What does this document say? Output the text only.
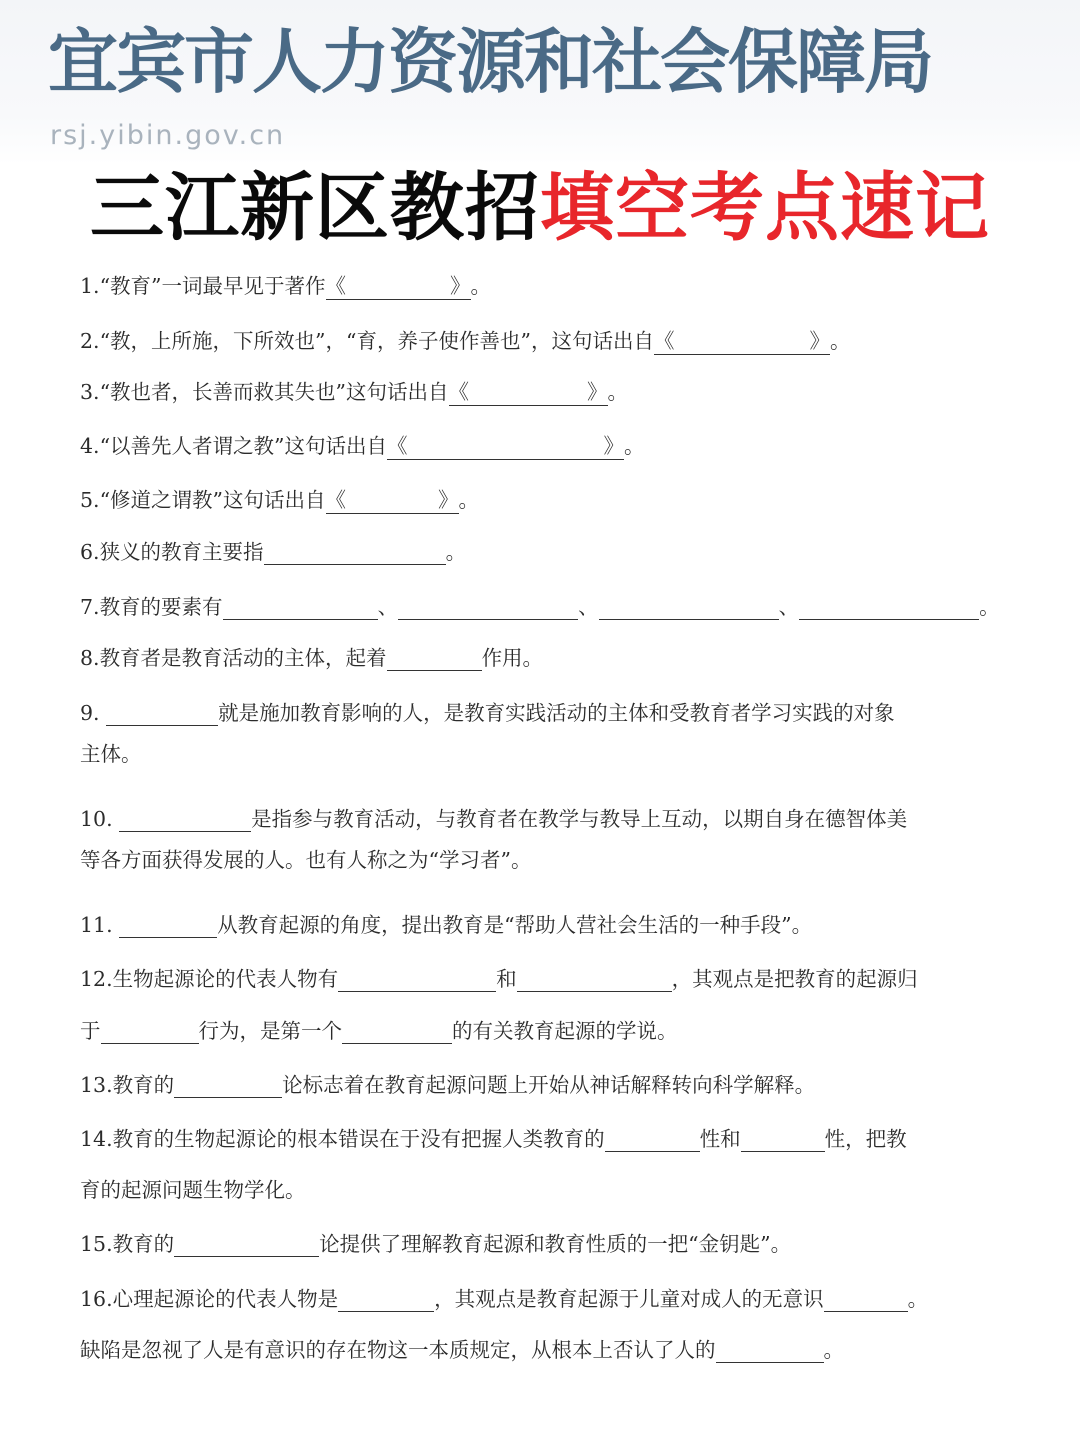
宜宾市人力资源和社会保障局
rsj.yibin.gov.cn
三江新区教招填空考点速记
1.“教育”一词最早见于著作《	》。
2.“教，上所施，下所效也”，“育，养子使作善也”，这句话出自《	》。
3.“教也者，长善而救其失也”这句话出自《	》。
4.“以善先人者谓之教”这句话出自《	》。
5.“修道之谓教”这句话出自《	》。
6.狭义的教育主要指	。
7.教育的要素有	、	、	、	。
8.教育者是教育活动的主体，起着	作用。
9.	就是施加教育影响的人，是教育实践活动的主体和受教育者学习实践的对象
主体。
10.	是指参与教育活动，与教育者在教学与教导上互动，以期自身在德智体美
等各方面获得发展的人。也有人称之为“学习者”。
11.	从教育起源的角度，提出教育是“帮助人营社会生活的一种手段”。
12.生物起源论的代表人物有	和	，其观点是把教育的起源归
于	行为，是第一个	的有关教育起源的学说。
13.教育的	论标志着在教育起源问题上开始从神话解释转向科学解释。
14.教育的生物起源论的根本错误在于没有把握人类教育的	性和	性，把教
育的起源问题生物学化。
15.教育的	论提供了理解教育起源和教育性质的一把“金钥匙”。
16.心理起源论的代表人物是	，其观点是教育起源于儿童对成人的无意识	。
缺陷是忽视了人是有意识的存在物这一本质规定，从根本上否认了人的	。
